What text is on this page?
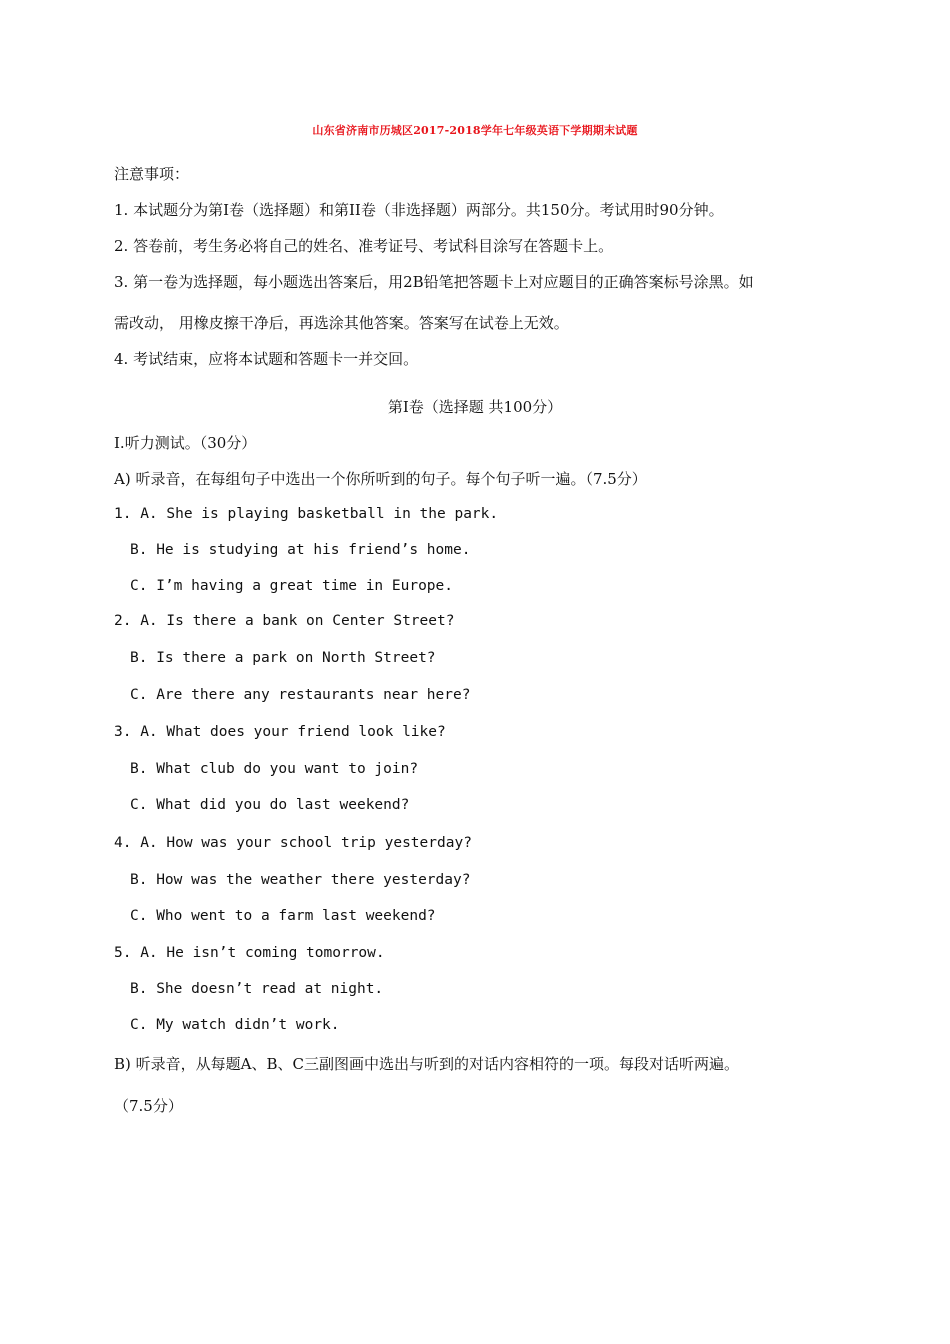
山东省济南市历城区2017-2018学年七年级英语下学期期末试题
注意事项：
1. 本试题分为第Ⅰ卷（选择题）和第II卷（非选择题）两部分。共150分。考试用时90分钟。
2. 答卷前，考生务必将自己的姓名、准考证号、考试科目涂写在答题卡上。
3. 第一卷为选择题，每小题选出答案后，用2B铅笔把答题卡上对应题目的正确答案标号涂黑。如
需改动， 用橡皮擦干净后，再选涂其他答案。答案写在试卷上无效。
4. 考试结束，应将本试题和答题卡一并交回。
第Ⅰ卷（选择题 共100分）
I.听力测试。（30分）
A) 听录音，在每组句子中选出一个你所听到的句子。每个句子听一遍。（7.5分）
1. A. She is playing basketball in the park.
B. He is studying at his friend’s home.
C. I’m having a great time in Europe.
2. A. Is there a bank on Center Street?
B. Is there a park on North Street?
C. Are there any restaurants near here?
3. A. What does your friend look like?
B. What club do you want to join?
C. What did you do last weekend?
4. A. How was your school trip yesterday?
B. How was the weather there yesterday?
C. Who went to a farm last weekend?
5. A. He isn’t coming tomorrow.
B. She doesn’t read at night.
C. My watch didn’t work.
B) 听录音，从每题A、B、C三副图画中选出与听到的对话内容相符的一项。每段对话听两遍。
（7.5分）
